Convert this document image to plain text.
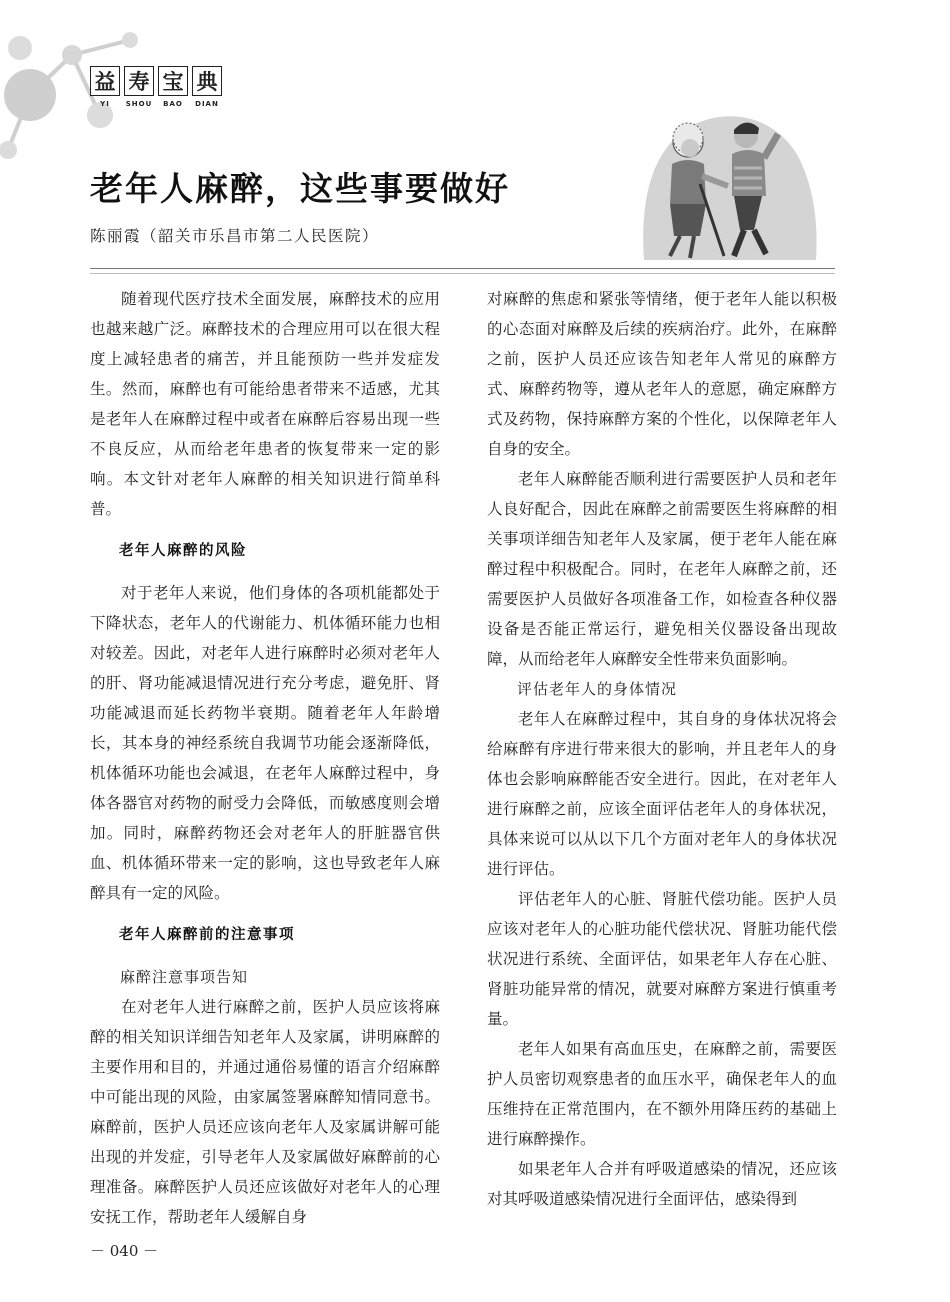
益 寿 宝 典
YI	SHOU	BAO	DIAN
老年人麻醉，这些事要做好

陈丽霞（韶关市乐昌市第二人民医院）

随着现代医疗技术全面发展，麻醉技术的应用也越来越广泛。麻醉技术的合理应用可以在很大程度上减轻患者的痛苦，并且能预防一些并发症发生。然而，麻醉也有可能给患者带来不适感，尤其是老年人在麻醉过程中或者在麻醉后容易出现一些不良反应，从而给老年患者的恢复带来一定的影响。本文针对老年人麻醉的相关知识进行简单科普。

老年人麻醉的风险

对于老年人来说，他们身体的各项机能都处于下降状态，老年人的代谢能力、机体循环能力也相对较差。因此，对老年人进行麻醉时必须对老年人的肝、肾功能减退情况进行充分考虑，避免肝、肾功能减退而延长药物半衰期。随着老年人年龄增长，其本身的神经系统自我调节功能会逐渐降低，机体循环功能也会减退，在老年人麻醉过程中，身体各器官对药物的耐受力会降低，而敏感度则会增加。同时，麻醉药物还会对老年人的肝脏器官供血、机体循环带来一定的影响，这也导致老年人麻醉具有一定的风险。

老年人麻醉前的注意事项
麻醉注意事项告知

在对老年人进行麻醉之前，医护人员应该将麻醉的相关知识详细告知老年人及家属，讲明麻醉的主要作用和目的，并通过通俗易懂的语言介绍麻醉中可能出现的风险，由家属签署麻醉知情同意书。麻醉前，医护人员还应该向老年人及家属讲解可能出现的并发症，引导老年人及家属做好麻醉前的心理准备。麻醉医护人员还应该做好对老年人的心理安抚工作，帮助老年人缓解自身

对麻醉的焦虑和紧张等情绪，便于老年人能以积极的心态面对麻醉及后续的疾病治疗。此外，在麻醉之前，医护人员还应该告知老年人常见的麻醉方式、麻醉药物等，遵从老年人的意愿，确定麻醉方式及药物，保持麻醉方案的个性化，以保障老年人自身的安全。

老年人麻醉能否顺利进行需要医护人员和老年人良好配合，因此在麻醉之前需要医生将麻醉的相关事项详细告知老年人及家属，便于老年人能在麻醉过程中积极配合。同时，在老年人麻醉之前，还需要医护人员做好各项准备工作，如检查各种仪器设备是否能正常运行，避免相关仪器设备出现故障，从而给老年人麻醉安全性带来负面影响。

评估老年人的身体情况

老年人在麻醉过程中，其自身的身体状况将会给麻醉有序进行带来很大的影响，并且老年人的身体也会影响麻醉能否安全进行。因此，在对老年人进行麻醉之前，应该全面评估老年人的身体状况，具体来说可以从以下几个方面对老年人的身体状况进行评估。

评估老年人的心脏、肾脏代偿功能。医护人员应该对老年人的心脏功能代偿状况、肾脏功能代偿状况进行系统、全面评估，如果老年人存在心脏、肾脏功能异常的情况，就要对麻醉方案进行慎重考量。

老年人如果有高血压史，在麻醉之前，需要医护人员密切观察患者的血压水平，确保老年人的血压维持在正常范围内，在不额外用降压药的基础上进行麻醉操作。

如果老年人合并有呼吸道感染的情况，还应该对其呼吸道感染情况进行全面评估，感染得到

－ 040 －
